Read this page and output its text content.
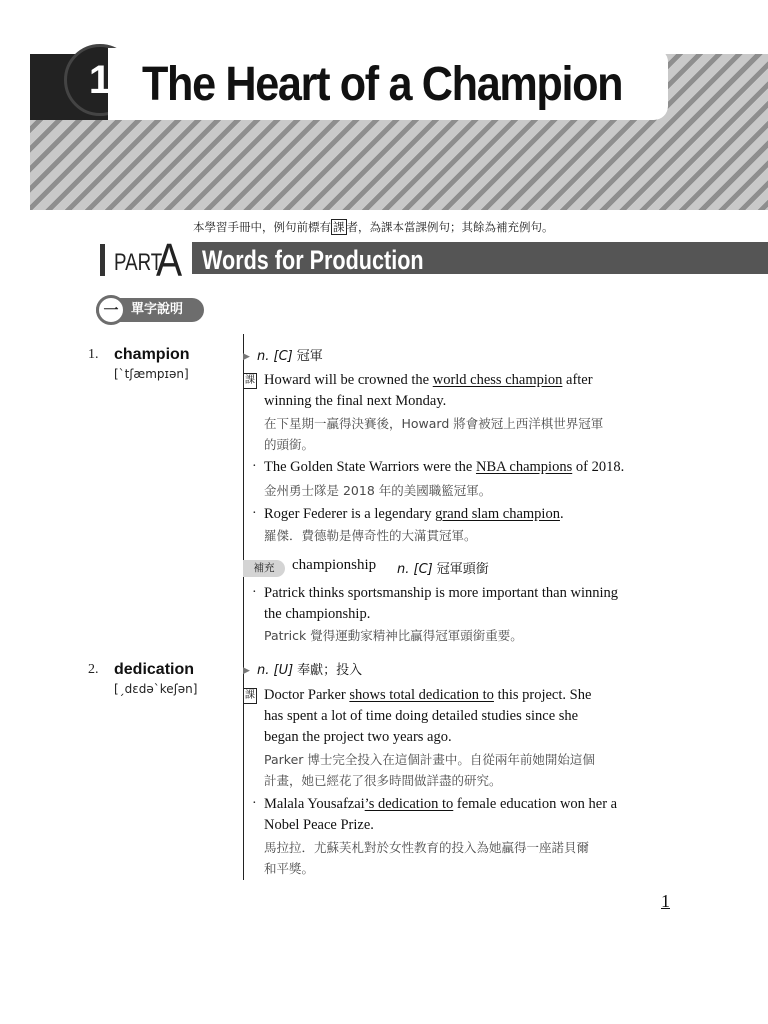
1 The Heart of a Champion
本學習手冊中，例句前標有 課 者，為課本當課例句；其餘為補充例句。
PART
A Words for Production
一 單字說明
1. champion
[ˋtʃæmpɪən]
▶ n. [C] 冠軍
課 Howard will be crowned the world chess champion after
winning the final next Monday.
在下星期一贏得決賽後，Howard 將會被冠上西洋棋世界冠軍
的頭銜。
· The Golden State Warriors were the NBA champions of 2018.
金州勇士隊是 2018 年的美國職籃冠軍。
· Roger Federer is a legendary grand slam champion.
羅傑．費德勒是傳奇性的大滿貫冠軍。
補充	championship n. [C] 冠軍頭銜
· Patrick thinks sportsmanship is more important than winning
the championship.
Patrick 覺得運動家精神比贏得冠軍頭銜重要。
2. dedication
[ˏdɛdəˋkeʃən]
▶ n. [U] 奉獻；投入
課 Doctor Parker shows total dedication to this project. She
has spent a lot of time doing detailed studies since she
began the project two years ago.
Parker 博士完全投入在這個計畫中。自從兩年前她開始這個
計畫，她已經花了很多時間做詳盡的研究。
· Malala Yousafzai’s dedication to female education won her a
Nobel Peace Prize.
馬拉拉．尤蘇芙札對於女性教育的投入為她贏得一座諾貝爾
和平獎。
1
